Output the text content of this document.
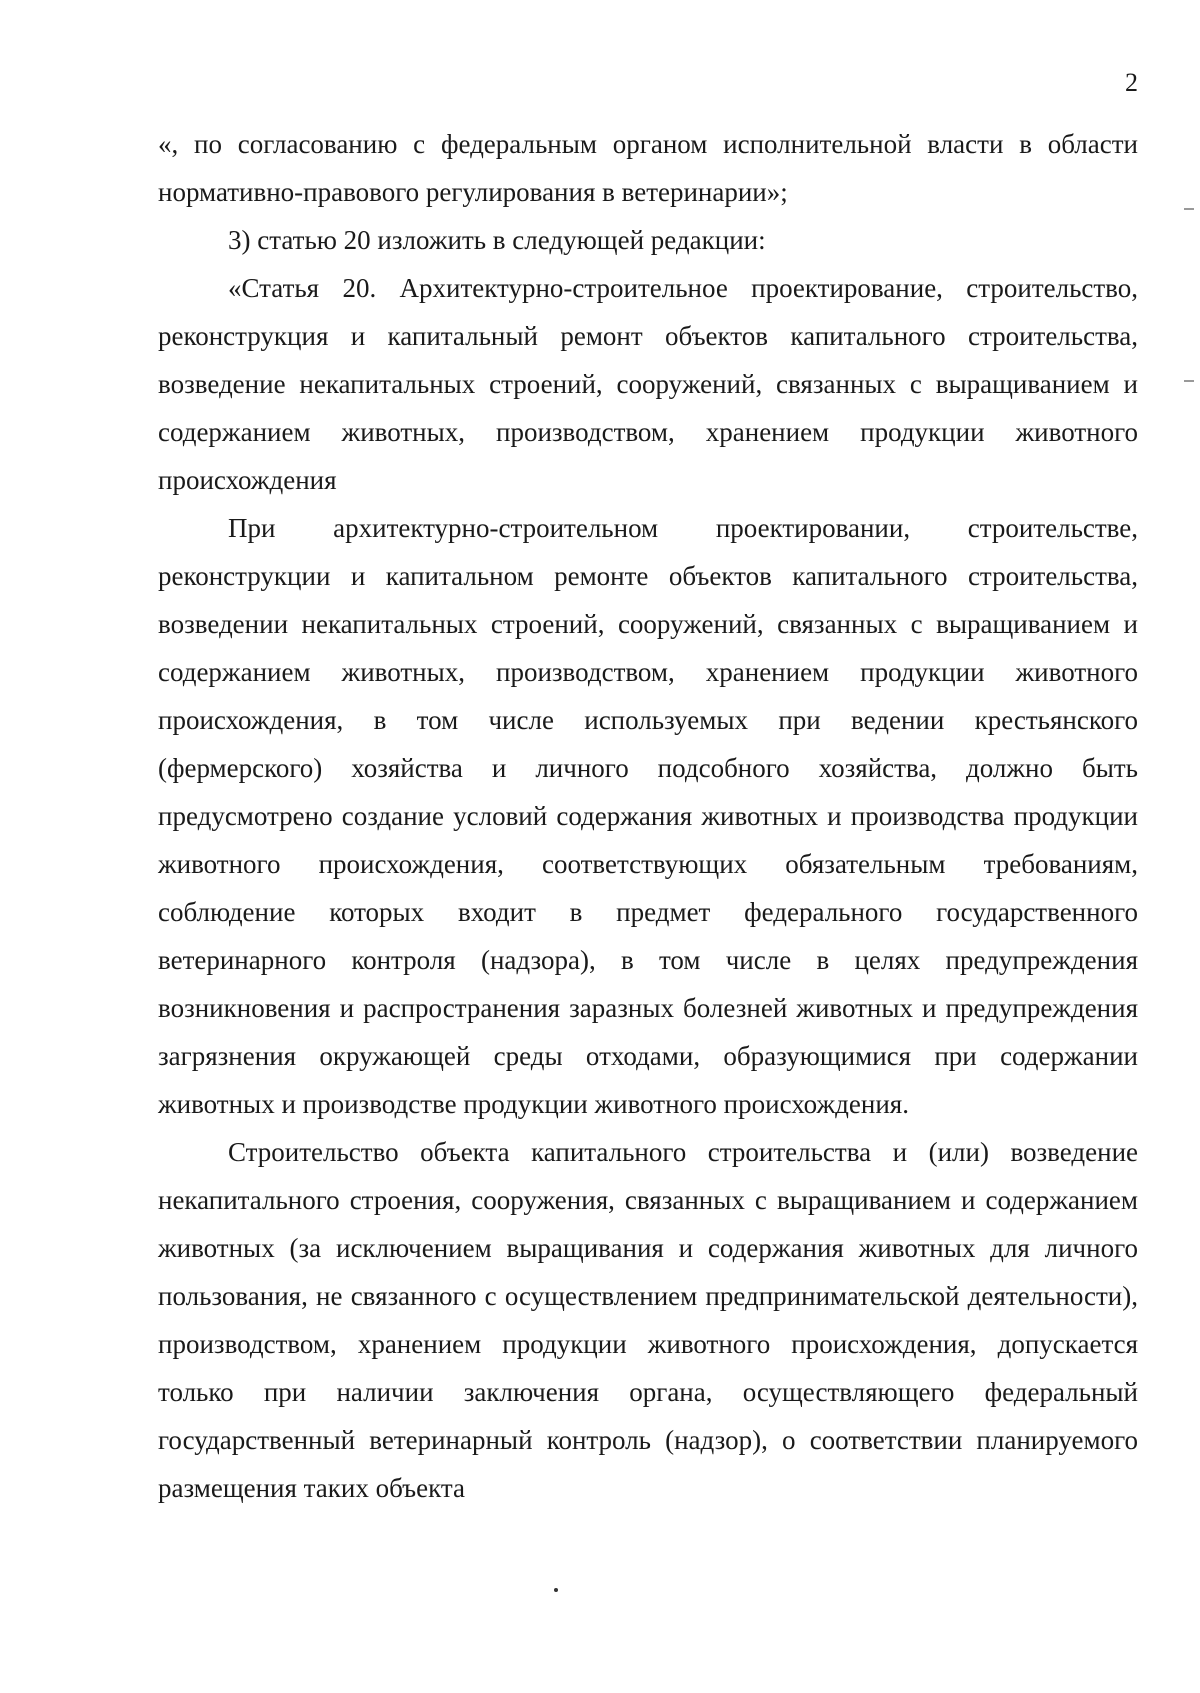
2

«, по согласованию с федеральным органом исполнительной власти в области нормативно-правового регулирования в ветеринарии»;

3) статью 20 изложить в следующей редакции:

«Статья 20. Архитектурно-строительное проектирование, строительство, реконструкция и капитальный ремонт объектов капитального строительства, возведение некапитальных строений, сооружений, связанных с выращиванием и содержанием животных, производством, хранением продукции животного происхождения

При архитектурно-строительном проектировании, строительстве, реконструкции и капитальном ремонте объектов капитального строительства, возведении некапитальных строений, сооружений, связанных с выращиванием и содержанием животных, производством, хранением продукции животного происхождения, в том числе используемых при ведении крестьянского (фермерского) хозяйства и личного подсобного хозяйства, должно быть предусмотрено создание условий содержания животных и производства продукции животного происхождения, соответствующих обязательным требованиям, соблюдение которых входит в предмет федерального государственного ветеринарного контроля (надзора), в том числе в целях предупреждения возникновения и распространения заразных болезней животных и предупреждения загрязнения окружающей среды отходами, образующимися при содержании животных и производстве продукции животного происхождения.

Строительство объекта капитального строительства и (или) возведение некапитального строения, сооружения, связанных с выращиванием и содержанием животных (за исключением выращивания и содержания животных для личного пользования, не связанного с осуществлением предпринимательской деятельности), производством, хранением продукции животного происхождения, допускается только при наличии заключения органа, осуществляющего федеральный государственный ветеринарный контроль (надзор), о соответствии планируемого размещения таких объекта
